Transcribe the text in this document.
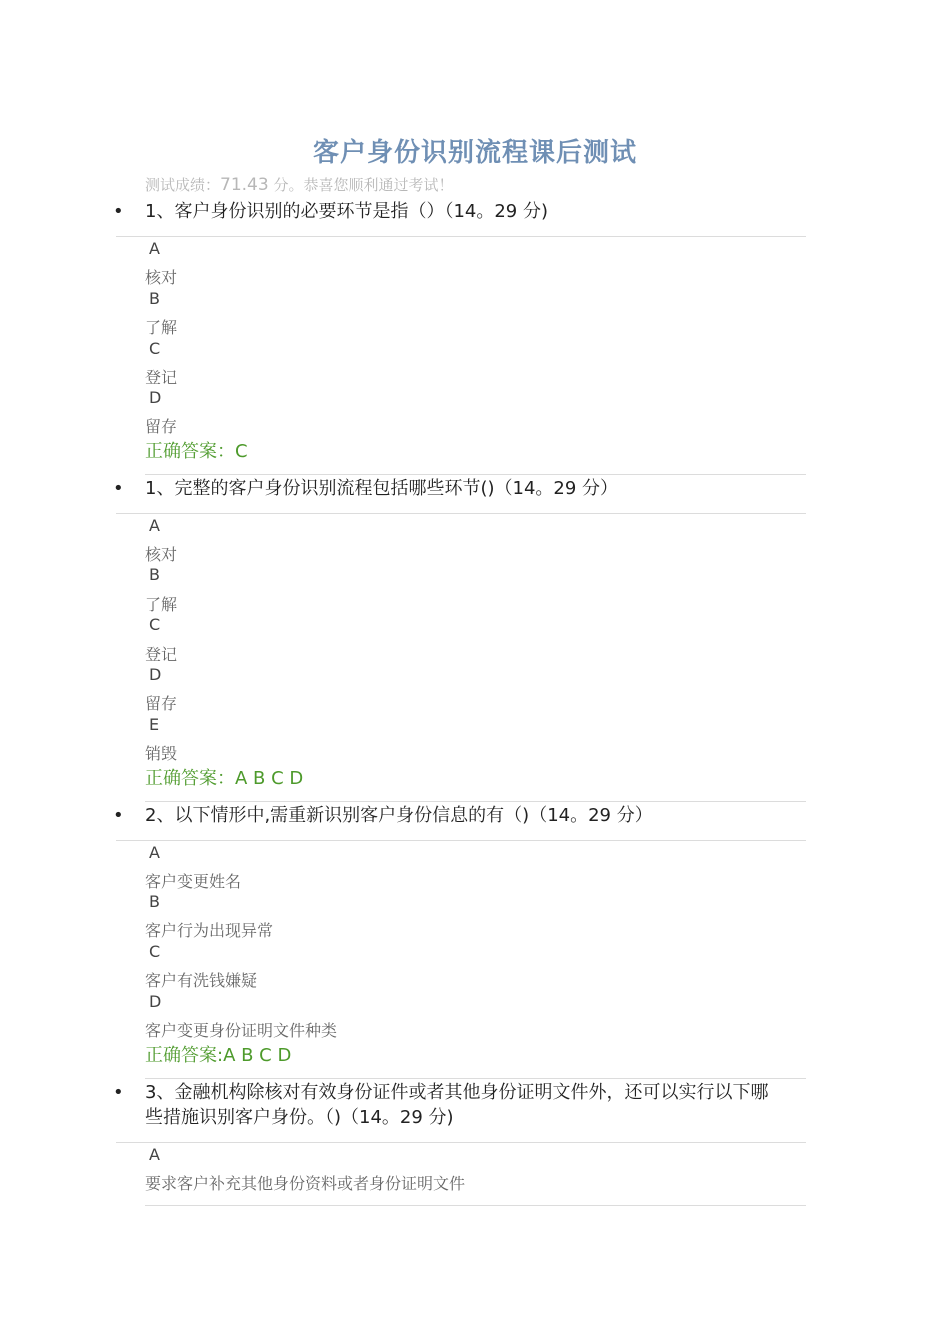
客户身份识别流程课后测试
测试成绩：71.43 分。恭喜您顺利通过考试！
• 1、客户身份识别的必要环节是指（）（14。29 分)
A
核对
B
了解
C
登记
D
留存
正确答案：C
• 1、完整的客户身份识别流程包括哪些环节()（14。29 分）
A
核对
B
了解
C
登记
D
留存
E
销毁
正确答案：A B C D
• 2、以下情形中,需重新识别客户身份信息的有（)（14。29 分）
A
客户变更姓名
B
客户行为出现异常
C
客户有洗钱嫌疑
D
客户变更身份证明文件种类
正确答案:A B C D
• 3、金融机构除核对有效身份证件或者其他身份证明文件外，还可以实行以下哪
些措施识别客户身份。（)（14。29 分)
A
要求客户补充其他身份资料或者身份证明文件
